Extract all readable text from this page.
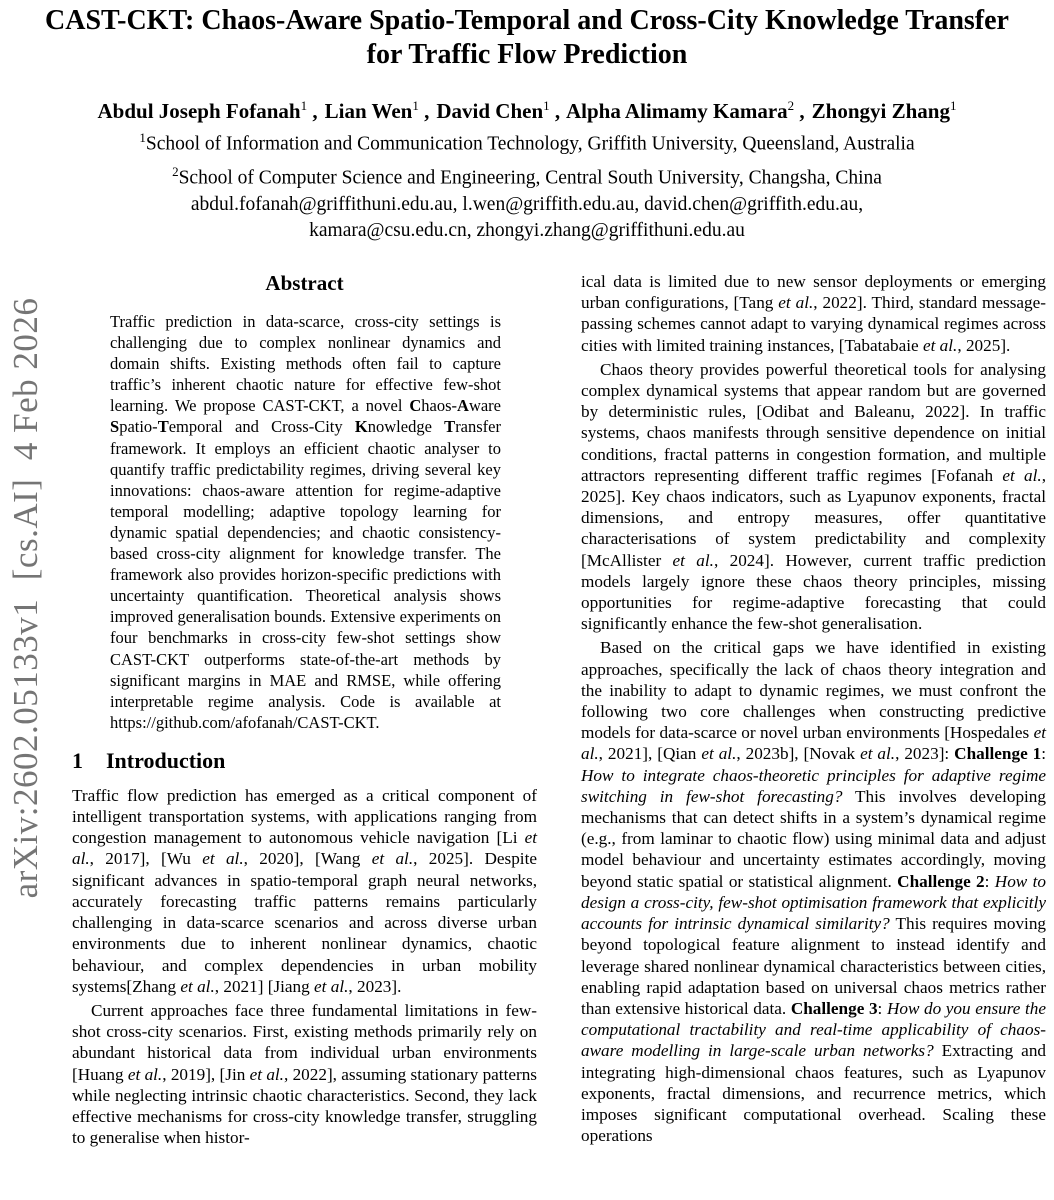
arXiv:2602.05133v1  [cs.AI]  4 Feb 2026
CAST-CKT: Chaos-Aware Spatio-Temporal and Cross-City Knowledge Transfer
for Traffic Flow Prediction
Abdul Joseph Fofanah$^1$ ,  Lian Wen$^1$ ,  David Chen$^1$ ,  Alpha Alimamy Kamara$^2$ ,  Zhongyi Zhang$^1$
$^1$School of Information and Communication Technology, Griffith University, Queensland, Australia
$^2$School of Computer Science and Engineering, Central South University, Changsha, China
abdul.fofanah@griffithuni.edu.au, l.wen@griffith.edu.au, david.chen@griffith.edu.au,
kamara@csu.edu.cn, zhongyi.zhang@griffithuni.edu.au
Abstract

Traffic prediction in data-scarce, cross-city settings is challenging due to complex nonlinear dynamics and domain shifts. Existing methods often fail to capture traffic’s inherent chaotic nature for effective few-shot learning. We propose CAST-CKT, a novel Chaos-Aware Spatio-Temporal and Cross-City Knowledge Transfer framework. It employs an efficient chaotic analyser to quantify traffic predictability regimes, driving several key innovations: chaos-aware attention for regime-adaptive temporal modelling; adaptive topology learning for dynamic spatial dependencies; and chaotic consistency-based cross-city alignment for knowledge transfer. The framework also provides horizon-specific predictions with uncertainty quantification. Theoretical analysis shows improved generalisation bounds. Extensive experiments on four benchmarks in cross-city few-shot settings show CAST-CKT outperforms state-of-the-art methods by significant margins in MAE and RMSE, while offering interpretable regime analysis. Code is available at https://github.com/afofanah/CAST-CKT.

1 Introduction

Traffic flow prediction has emerged as a critical component of intelligent transportation systems, with applications ranging from congestion management to autonomous vehicle navigation [Li et al., 2017], [Wu et al., 2020], [Wang et al., 2025]. Despite significant advances in spatio-temporal graph neural networks, accurately forecasting traffic patterns remains particularly challenging in data-scarce scenarios and across diverse urban environments due to inherent nonlinear dynamics, chaotic behaviour, and complex dependencies in urban mobility systems[Zhang et al., 2021] [Jiang et al., 2023].

Current approaches face three fundamental limitations in few-shot cross-city scenarios. First, existing methods primarily rely on abundant historical data from individual urban environments [Huang et al., 2019], [Jin et al., 2022], assuming stationary patterns while neglecting intrinsic chaotic characteristics. Second, they lack effective mechanisms for cross-city knowledge transfer, struggling to generalise when histor-

ical data is limited due to new sensor deployments or emerging urban configurations, [Tang et al., 2022]. Third, standard message-passing schemes cannot adapt to varying dynamical regimes across cities with limited training instances, [Tabatabaie et al., 2025].

Chaos theory provides powerful theoretical tools for analysing complex dynamical systems that appear random but are governed by deterministic rules, [Odibat and Baleanu, 2022]. In traffic systems, chaos manifests through sensitive dependence on initial conditions, fractal patterns in congestion formation, and multiple attractors representing different traffic regimes [Fofanah et al., 2025]. Key chaos indicators, such as Lyapunov exponents, fractal dimensions, and entropy measures, offer quantitative characterisations of system predictability and complexity [McAllister et al., 2024]. However, current traffic prediction models largely ignore these chaos theory principles, missing opportunities for regime-adaptive forecasting that could significantly enhance the few-shot generalisation.

Based on the critical gaps we have identified in existing approaches, specifically the lack of chaos theory integration and the inability to adapt to dynamic regimes, we must confront the following two core challenges when constructing predictive models for data-scarce or novel urban environments [Hospedales et al., 2021], [Qian et al., 2023b], [Novak et al., 2023]: Challenge 1: How to integrate chaos-theoretic principles for adaptive regime switching in few-shot forecasting? This involves developing mechanisms that can detect shifts in a system’s dynamical regime (e.g., from laminar to chaotic flow) using minimal data and adjust model behaviour and uncertainty estimates accordingly, moving beyond static spatial or statistical alignment. Challenge 2: How to design a cross-city, few-shot optimisation framework that explicitly accounts for intrinsic dynamical similarity? This requires moving beyond topological feature alignment to instead identify and leverage shared nonlinear dynamical characteristics between cities, enabling rapid adaptation based on universal chaos metrics rather than extensive historical data. Challenge 3: How do you ensure the computational tractability and real-time applicability of chaos-aware modelling in large-scale urban networks? Extracting and integrating high-dimensional chaos features, such as Lyapunov exponents, fractal dimensions, and recurrence metrics, which imposes significant computational overhead. Scaling these operations
